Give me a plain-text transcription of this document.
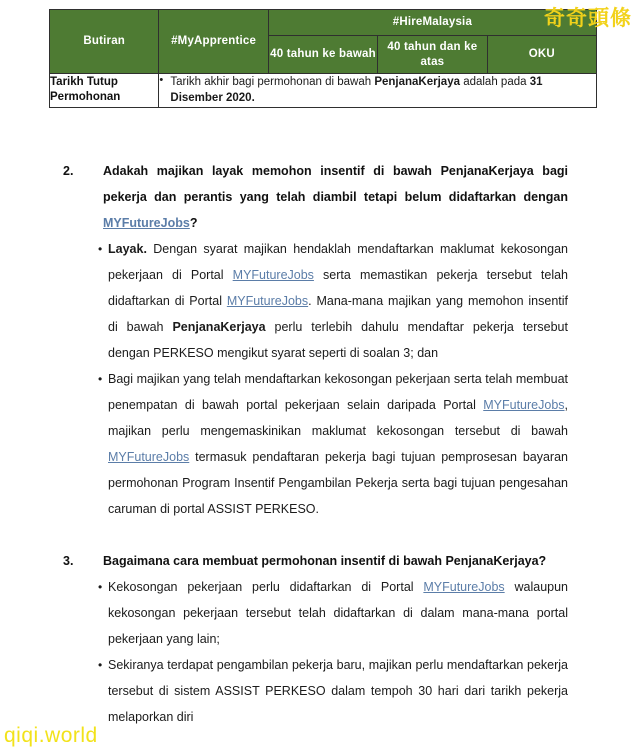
Butiran	#MyApprentice	#HireMalaysia		
		40 tahun ke bawah	40 tahun dan ke atas	OKU
Tarikh Tutup Permohonan	• Tarikh akhir bagi permohonan di bawah PenjanaKerjaya adalah pada 31 Disember 2020.
2.	Adakah majikan layak memohon insentif di bawah PenjanaKerjaya bagi pekerja dan perantis yang telah diambil tetapi belum didaftarkan dengan MYFutureJobs?
• Layak. Dengan syarat majikan hendaklah mendaftarkan maklumat kekosongan pekerjaan di Portal MYFutureJobs serta memastikan pekerja tersebut telah didaftarkan di Portal MYFutureJobs. Mana-mana majikan yang memohon insentif di bawah PenjanaKerjaya perlu terlebih dahulu mendaftar pekerja tersebut dengan PERKESO mengikut syarat seperti di soalan 3; dan
• Bagi majikan yang telah mendaftarkan kekosongan pekerjaan serta telah membuat penempatan di bawah portal pekerjaan selain daripada Portal MYFutureJobs, majikan perlu mengemaskinikan maklumat kekosongan tersebut di bawah MYFutureJobs termasuk pendaftaran pekerja bagi tujuan pemprosesan bayaran permohonan Program Insentif Pengambilan Pekerja serta bagi tujuan pengesahan caruman di portal ASSIST PERKESO.
3.	Bagaimana cara membuat permohonan insentif di bawah PenjanaKerjaya?
• Kekosongan pekerjaan perlu didaftarkan di Portal MYFutureJobs walaupun kekosongan pekerjaan tersebut telah didaftarkan di dalam mana-mana portal pekerjaan yang lain;
• Sekiranya terdapat pengambilan pekerja baru, majikan perlu mendaftarkan pekerja tersebut di sistem ASSIST PERKESO dalam tempoh 30 hari dari tarikh pekerja melaporkan diri
奇奇頭條
qiqi.world
